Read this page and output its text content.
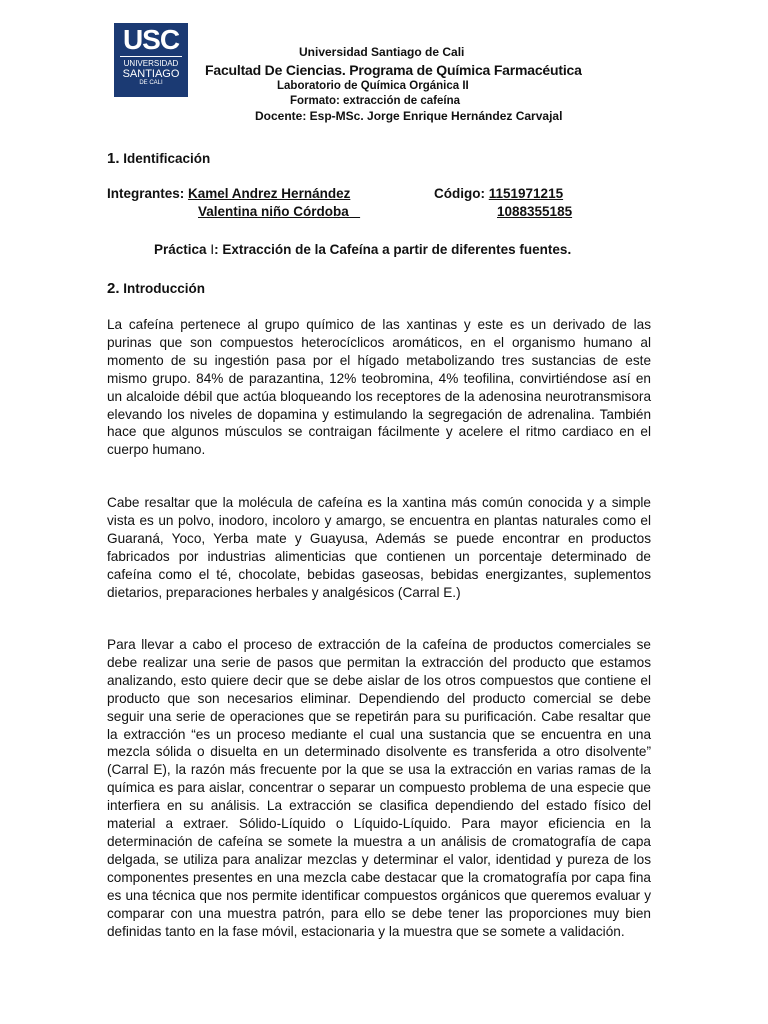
USC
UNIVERSIDAD
SANTIAGO
DE CALI
Universidad Santiago de Cali
Facultad De Ciencias. Programa de Química Farmacéutica
Laboratorio de Química Orgánica II
Formato: extracción de cafeína
Docente: Esp-MSc. Jorge Enrique Hernández Carvajal
1. Identificación
Integrantes: Kamel Andrez Hernández
Valentina niño Córdoba _
Código: 1151971215
1088355185
Práctica I: Extracción de la Cafeína a partir de diferentes fuentes.
2. Introducción

La cafeína pertenece al grupo químico de las xantinas y este es un derivado de las purinas que son compuestos heterocíclicos aromáticos, en el organismo humano al momento de su ingestión pasa por el hígado metabolizando tres sustancias de este mismo grupo. 84% de parazantina, 12% teobromina, 4% teofilina, convirtiéndose así en un alcaloide débil que actúa bloqueando los receptores de la adenosina neurotransmisora elevando los niveles de dopamina y estimulando la segregación de adrenalina. También hace que algunos músculos se contraigan fácilmente y acelere el ritmo cardiaco en el cuerpo humano.

Cabe resaltar que la molécula de cafeína es la xantina más común conocida y a simple vista es un polvo, inodoro, incoloro y amargo, se encuentra en plantas naturales como el Guaraná, Yoco, Yerba mate y Guayusa, Además se puede encontrar en productos fabricados por industrias alimenticias que contienen un porcentaje determinado de cafeína como el té, chocolate, bebidas gaseosas, bebidas energizantes, suplementos dietarios, preparaciones herbales y analgésicos (Carral E.)

Para llevar a cabo el proceso de extracción de la cafeína de productos comerciales se debe realizar una serie de pasos que permitan la extracción del producto que estamos analizando, esto quiere decir que se debe aislar de los otros compuestos que contiene el producto que son necesarios eliminar. Dependiendo del producto comercial se debe seguir una serie de operaciones que se repetirán para su purificación. Cabe resaltar que la extracción “es un proceso mediante el cual una sustancia que se encuentra en una mezcla sólida o disuelta en un determinado disolvente es transferida a otro disolvente” (Carral E), la razón más frecuente por la que se usa la extracción en varias ramas de la química es para aislar, concentrar o separar un compuesto problema de una especie que interfiera en su análisis. La extracción se clasifica dependiendo del estado físico del material a extraer. Sólido-Líquido o Líquido-Líquido. Para mayor eficiencia en la determinación de cafeína se somete la muestra a un análisis de cromatografía de capa delgada, se utiliza para analizar mezclas y determinar el valor, identidad y pureza de los componentes presentes en una mezcla cabe destacar que la cromatografía por capa fina es una técnica que nos permite identificar compuestos orgánicos que queremos evaluar y comparar con una muestra patrón, para ello se debe tener las proporciones muy bien definidas tanto en la fase móvil, estacionaria y la muestra que se somete a validación.
